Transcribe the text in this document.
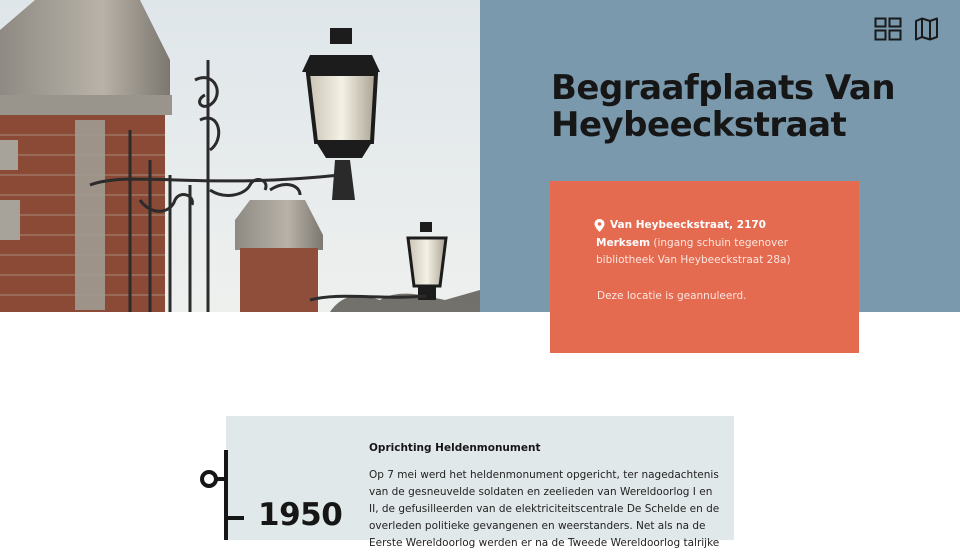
Begraafplaats Van Heybeeckstraat
Van Heybeeckstraat, 2170
Merksem (ingang schuin tegenover bibliotheek Van Heybeeckstraat 28a)
Deze locatie is geannuleerd.
Oprichting Heldenmonument

Op 7 mei werd het heldenmonument opgericht, ter nagedachtenis van de gesneuvelde soldaten en zeelieden van Wereldoorlog I en II, de gefusilleerden van de elektriciteitscentrale De Schelde en de overleden politieke gevangenen en weerstanders. Net als na de Eerste Wereldoorlog werden er na de Tweede Wereldoorlog talrijke

1950
